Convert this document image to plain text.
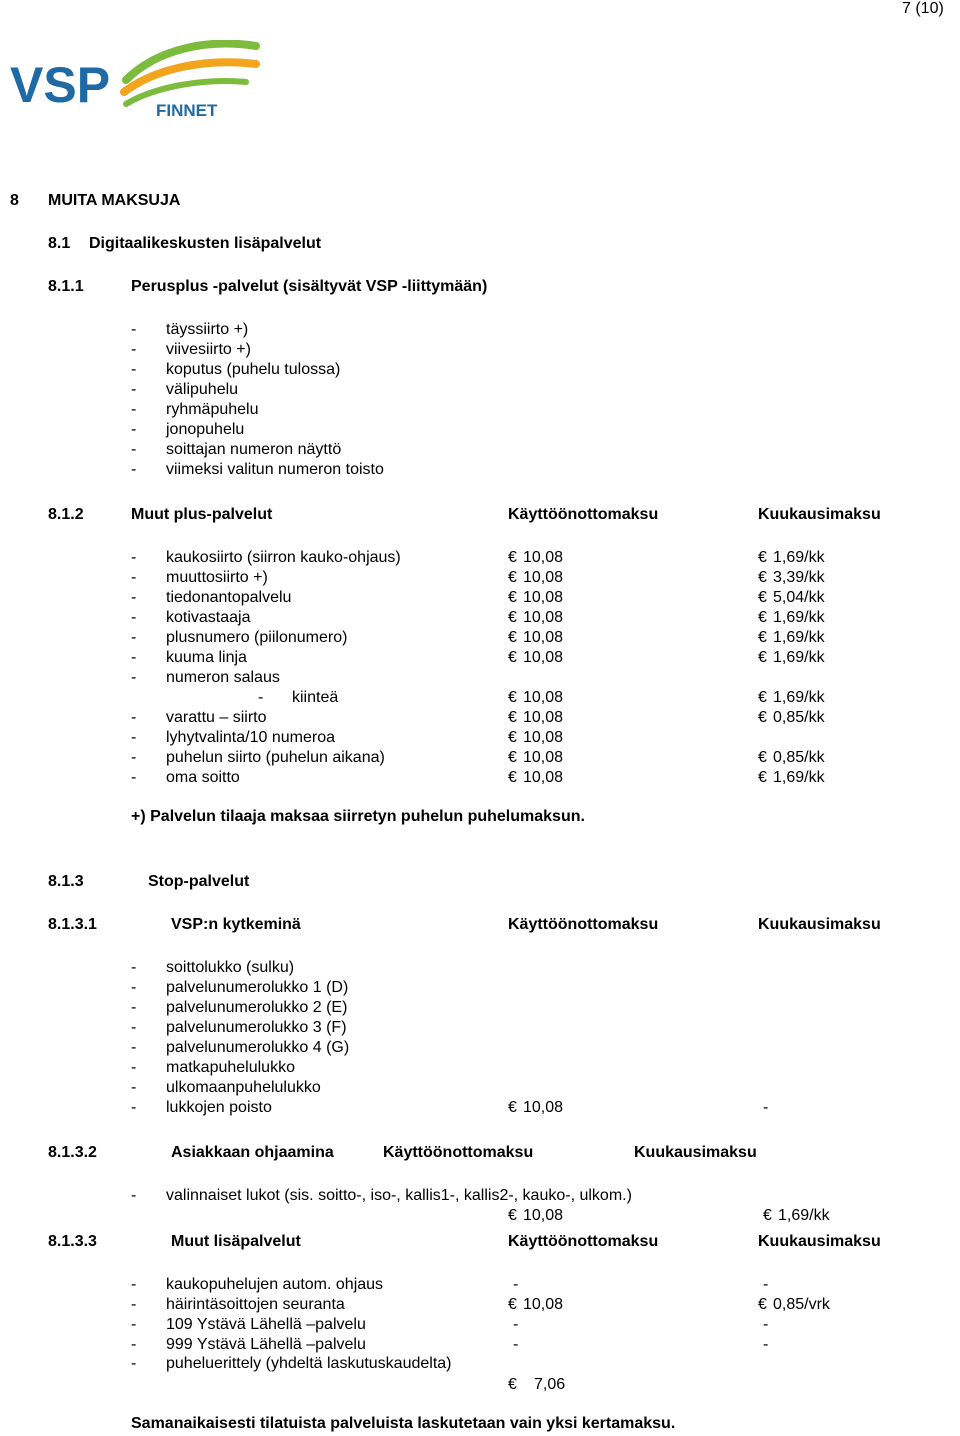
7 (10)
VSP	FINNET
8 MUITA MAKSUJA
8.1 Digitaalikeskusten lisäpalvelut
8.1.1	Perusplus -palvelut (sisältyvät VSP -liittymään)
- täyssiirto +)
- viivesiirto +)
- koputus (puhelu tulossa)
- välipuhelu
- ryhmäpuhelu
- jonopuhelu
- soittajan numeron näyttö
- viimeksi valitun numeron toisto
8.1.2	Muut plus-palvelut	Käyttöönottomaksu	Kuukausimaksu
- kaukosiirto (siirron kauko-ohjaus)	€ 10,08	€ 1,69/kk
- muuttosiirto +)	€ 10,08	€ 3,39/kk
- tiedonantopalvelu	€ 10,08	€ 5,04/kk
- kotivastaaja	€ 10,08	€ 1,69/kk
- plusnumero (piilonumero)	€ 10,08	€ 1,69/kk
- kuuma linja	€ 10,08	€ 1,69/kk
- numeron salaus
- kiinteä	€ 10,08	€ 1,69/kk
- varattu – siirto	€ 10,08	€ 0,85/kk
- lyhytvalinta/10 numeroa	€ 10,08
- puhelun siirto (puhelun aikana)	€ 10,08	€ 0,85/kk
- oma soitto	€ 10,08	€ 1,69/kk
+) Palvelun tilaaja maksaa siirretyn puhelun puhelumaksun.
8.1.3	Stop-palvelut
8.1.3.1	VSP:n kytkeminä	Käyttöönottomaksu	Kuukausimaksu
- soittolukko (sulku)
- palvelunumerolukko 1 (D)
- palvelunumerolukko 2 (E)
- palvelunumerolukko 3 (F)
- palvelunumerolukko 4 (G)
- matkapuhelulukko
- ulkomaanpuhelulukko
- lukkojen poisto	€ 10,08	-
8.1.3.2	Asiakkaan ohjaamina	Käyttöönottomaksu	Kuukausimaksu
- valinnaiset lukot (sis. soitto-, iso-, kallis1-, kallis2-, kauko-, ulkom.)
€ 10,08	€ 1,69/kk
8.1.3.3	Muut lisäpalvelut	Käyttöönottomaksu	Kuukausimaksu
- kaukopuhelujen autom. ohjaus	-	-
- häirintäsoittojen seuranta	€ 10,08	€ 0,85/vrk
- 109 Ystävä Lähellä –palvelu	-	-
- 999 Ystävä Lähellä –palvelu	-	-
- puhelueritt​ely (yhdeltä laskutuskaudelta)
€ 7,06
Samanaikaisesti tilatuista palveluista laskutetaan vain yksi kertamaksu.
